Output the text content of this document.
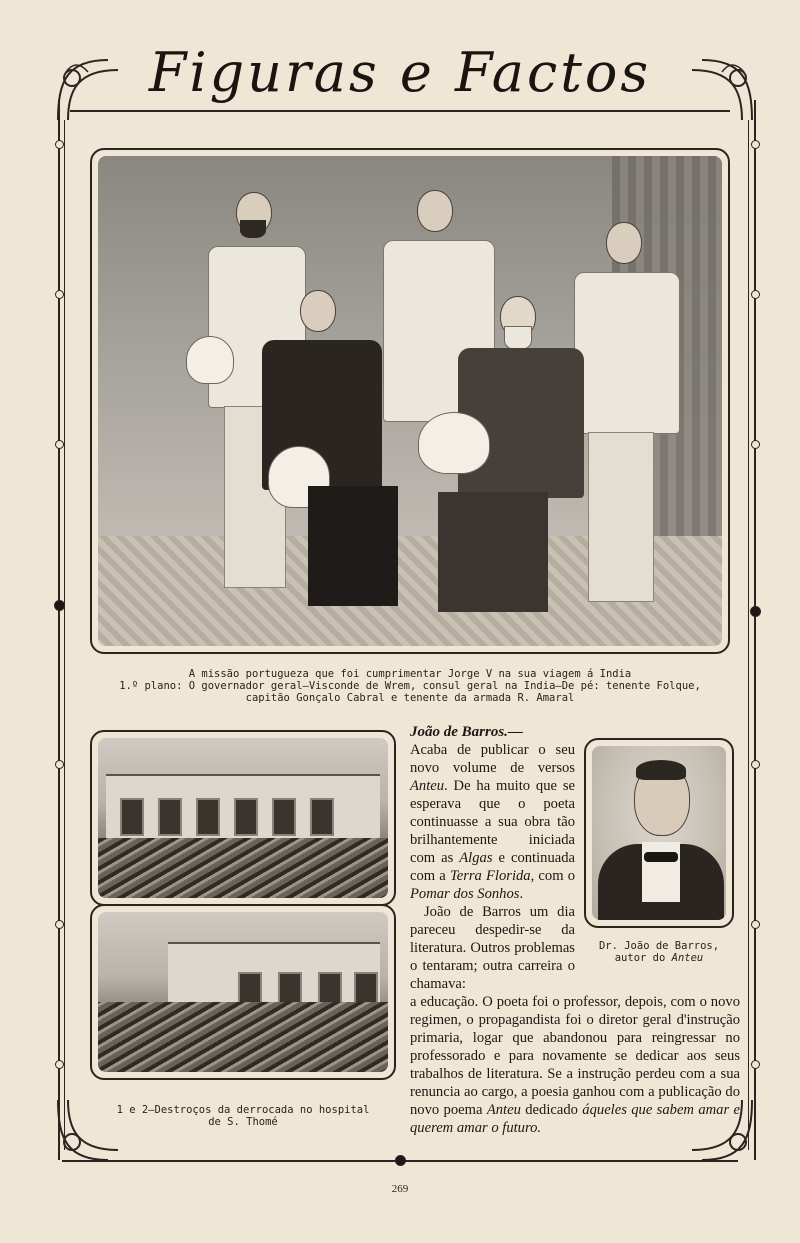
Figuras e Factos
A missão portugueza que foi cumprimentar Jorge V na sua viagem á India
1.º plano: O governador geral—Visconde de Wrem, consul geral na India—De pé: tenente Folque,
capitão Gonçalo Cabral e tenente da armada R. Amaral
1 e 2—Destroços da derrocada no hospital
de S. Thomé
Dr. João de Barros,
autor do Anteu

João de Barros.—
Acaba de publicar o seu novo volume de versos Anteu. De ha muito que se esperava que o poeta continuasse a sua obra tão brilhantemente iniciada com as Algas e continuada com a Terra Florida, com o Pomar dos Sonhos.

João de Barros um dia pareceu despedir-se da literatura. Outros problemas o tentaram; outra carreira o chamava:

a educação. O poeta foi o professor, depois, com o novo regimen, o propagandista foi o diretor geral d'instrução primaria, logar que abandonou para reingressar no professorado e para novamente se dedicar aos seus trabalhos de literatura. Se a instrução perdeu com a sua renuncia ao cargo, a poesia ganhou com a publicação do novo poema Anteu dedicado áqueles que sabem amar e querem amar o futuro.

269
